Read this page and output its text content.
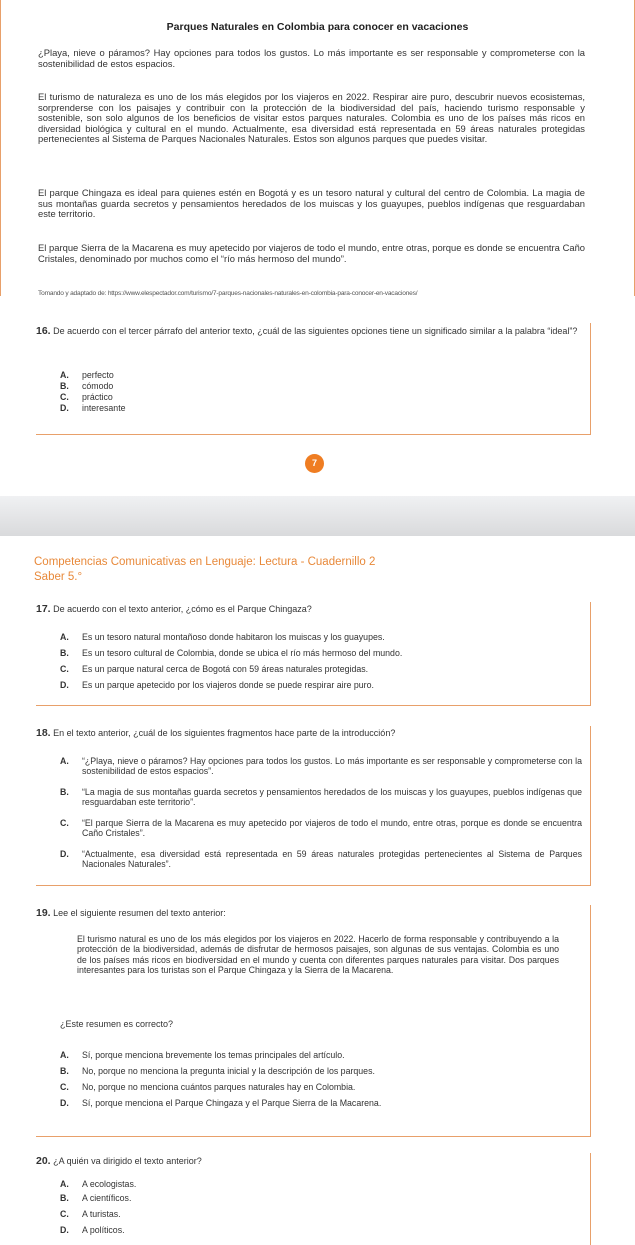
Parques Naturales en Colombia para conocer en vacaciones

¿Playa, nieve o páramos? Hay opciones para todos los gustos. Lo más importante es ser responsable y comprometerse con la sostenibilidad de estos espacios.

El turismo de naturaleza es uno de los más elegidos por los viajeros en 2022. Respirar aire puro, descubrir nuevos ecosistemas, sorprenderse con los paisajes y contribuir con la protección de la biodiversidad del país, haciendo turismo responsable y sostenible, son solo algunos de los beneficios de visitar estos parques naturales. Colombia es uno de los países más ricos en diversidad biológica y cultural en el mundo. Actualmente, esa diversidad está representada en 59 áreas naturales protegidas pertenecientes al Sistema de Parques Nacionales Naturales. Estos son algunos parques que puedes visitar.

El parque Chingaza es ideal para quienes estén en Bogotá y es un tesoro natural y cultural del centro de Colombia. La magia de sus montañas guarda secretos y pensamientos heredados de los muiscas y los guayupes, pueblos indígenas que resguardaban este territorio.

El parque Sierra de la Macarena es muy apetecido por viajeros de todo el mundo, entre otras, porque es donde se encuentra Caño Cristales, denominado por muchos como el “río más hermoso del mundo”.

Tomando y adaptado de: https://www.elespectador.com/turismo/7-parques-nacionales-naturales-en-colombia-para-conocer-en-vacaciones/
16. De acuerdo con el tercer párrafo del anterior texto, ¿cuál de las siguientes opciones tiene un significado similar a la palabra “ideal”?
A. perfecto
B. cómodo
C. práctico
D. interesante
7
Competencias Comunicativas en Lenguaje: Lectura - Cuadernillo 2
Saber 5.°
17. De acuerdo con el texto anterior, ¿cómo es el Parque Chingaza?
A. Es un tesoro natural montañoso donde habitaron los muiscas y los guayupes.
B. Es un tesoro cultural de Colombia, donde se ubica el río más hermoso del mundo.
C. Es un parque natural cerca de Bogotá con 59 áreas naturales protegidas.
D. Es un parque apetecido por los viajeros donde se puede respirar aire puro.
18. En el texto anterior, ¿cuál de los siguientes fragmentos hace parte de la introducción?
A. “¿Playa, nieve o páramos? Hay opciones para todos los gustos. Lo más importante es ser responsable y comprometerse con la sostenibilidad de estos espacios”.
B. “La magia de sus montañas guarda secretos y pensamientos heredados de los muiscas y los guayupes, pueblos indígenas que resguardaban este territorio”.
C. “El parque Sierra de la Macarena es muy apetecido por viajeros de todo el mundo, entre otras, porque es donde se encuentra Caño Cristales”.
D. “Actualmente, esa diversidad está representada en 59 áreas naturales protegidas pertenecientes al Sistema de Parques Nacionales Naturales”.
19. Lee el siguiente resumen del texto anterior:
El turismo natural es uno de los más elegidos por los viajeros en 2022. Hacerlo de forma responsable y contribuyendo a la protección de la biodiversidad, además de disfrutar de hermosos paisajes, son algunas de sus ventajas. Colombia es uno de los países más ricos en biodiversidad en el mundo y cuenta con diferentes parques naturales para visitar. Dos parques interesantes para los turistas son el Parque Chingaza y la Sierra de la Macarena.
¿Este resumen es correcto?
A. Sí, porque menciona brevemente los temas principales del artículo.
B. No, porque no menciona la pregunta inicial y la descripción de los parques.
C. No, porque no menciona cuántos parques naturales hay en Colombia.
D. Sí, porque menciona el Parque Chingaza y el Parque Sierra de la Macarena.
20. ¿A quién va dirigido el texto anterior?
A. A ecologistas.
B. A científicos.
C. A turistas.
D. A políticos.
